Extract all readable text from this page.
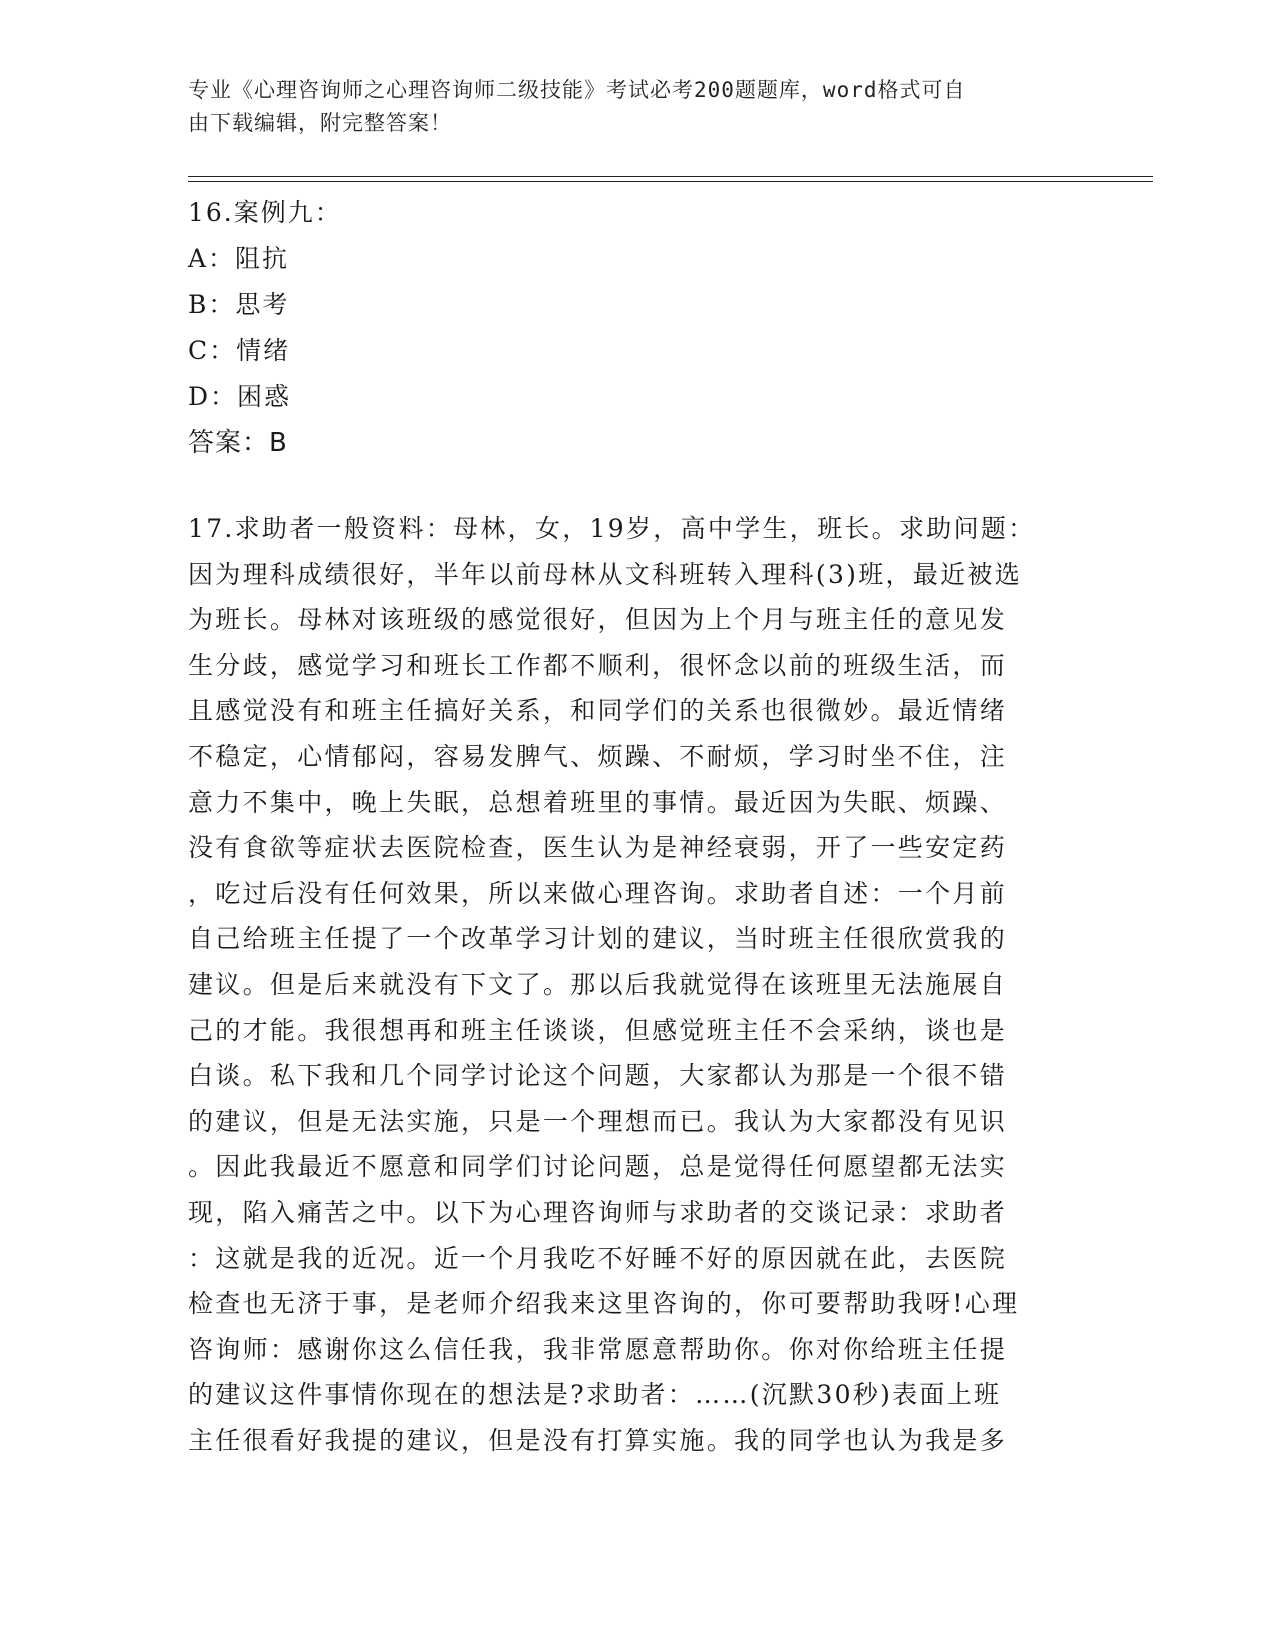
专业《心理咨询师之心理咨询师二级技能》考试必考200题题库，word格式可自
由下载编辑，附完整答案！
16.案例九：
A：阻抗
B：思考
C：情绪
D：困惑
答案：B
17.求助者一般资料：母林，女，19岁，高中学生，班长。求助问题：
因为理科成绩很好，半年以前母林从文科班转入理科(3)班，最近被选
为班长。母林对该班级的感觉很好，但因为上个月与班主任的意见发
生分歧，感觉学习和班长工作都不顺利，很怀念以前的班级生活，而
且感觉没有和班主任搞好关系，和同学们的关系也很微妙。最近情绪
不稳定，心情郁闷，容易发脾气、烦躁、不耐烦，学习时坐不住，注
意力不集中，晚上失眠，总想着班里的事情。最近因为失眠、烦躁、
没有食欲等症状去医院检查，医生认为是神经衰弱，开了一些安定药
，吃过后没有任何效果，所以来做心理咨询。求助者自述：一个月前
自己给班主任提了一个改革学习计划的建议，当时班主任很欣赏我的
建议。但是后来就没有下文了。那以后我就觉得在该班里无法施展自
己的才能。我很想再和班主任谈谈，但感觉班主任不会采纳，谈也是
白谈。私下我和几个同学讨论这个问题，大家都认为那是一个很不错
的建议，但是无法实施，只是一个理想而已。我认为大家都没有见识
。因此我最近不愿意和同学们讨论问题，总是觉得任何愿望都无法实
现，陷入痛苦之中。以下为心理咨询师与求助者的交谈记录：求助者
：这就是我的近况。近一个月我吃不好睡不好的原因就在此，去医院
检查也无济于事，是老师介绍我来这里咨询的，你可要帮助我呀!心理
咨询师：感谢你这么信任我，我非常愿意帮助你。你对你给班主任提
的建议这件事情你现在的想法是?求助者：……(沉默30秒)表面上班
主任很看好我提的建议，但是没有打算实施。我的同学也认为我是多
